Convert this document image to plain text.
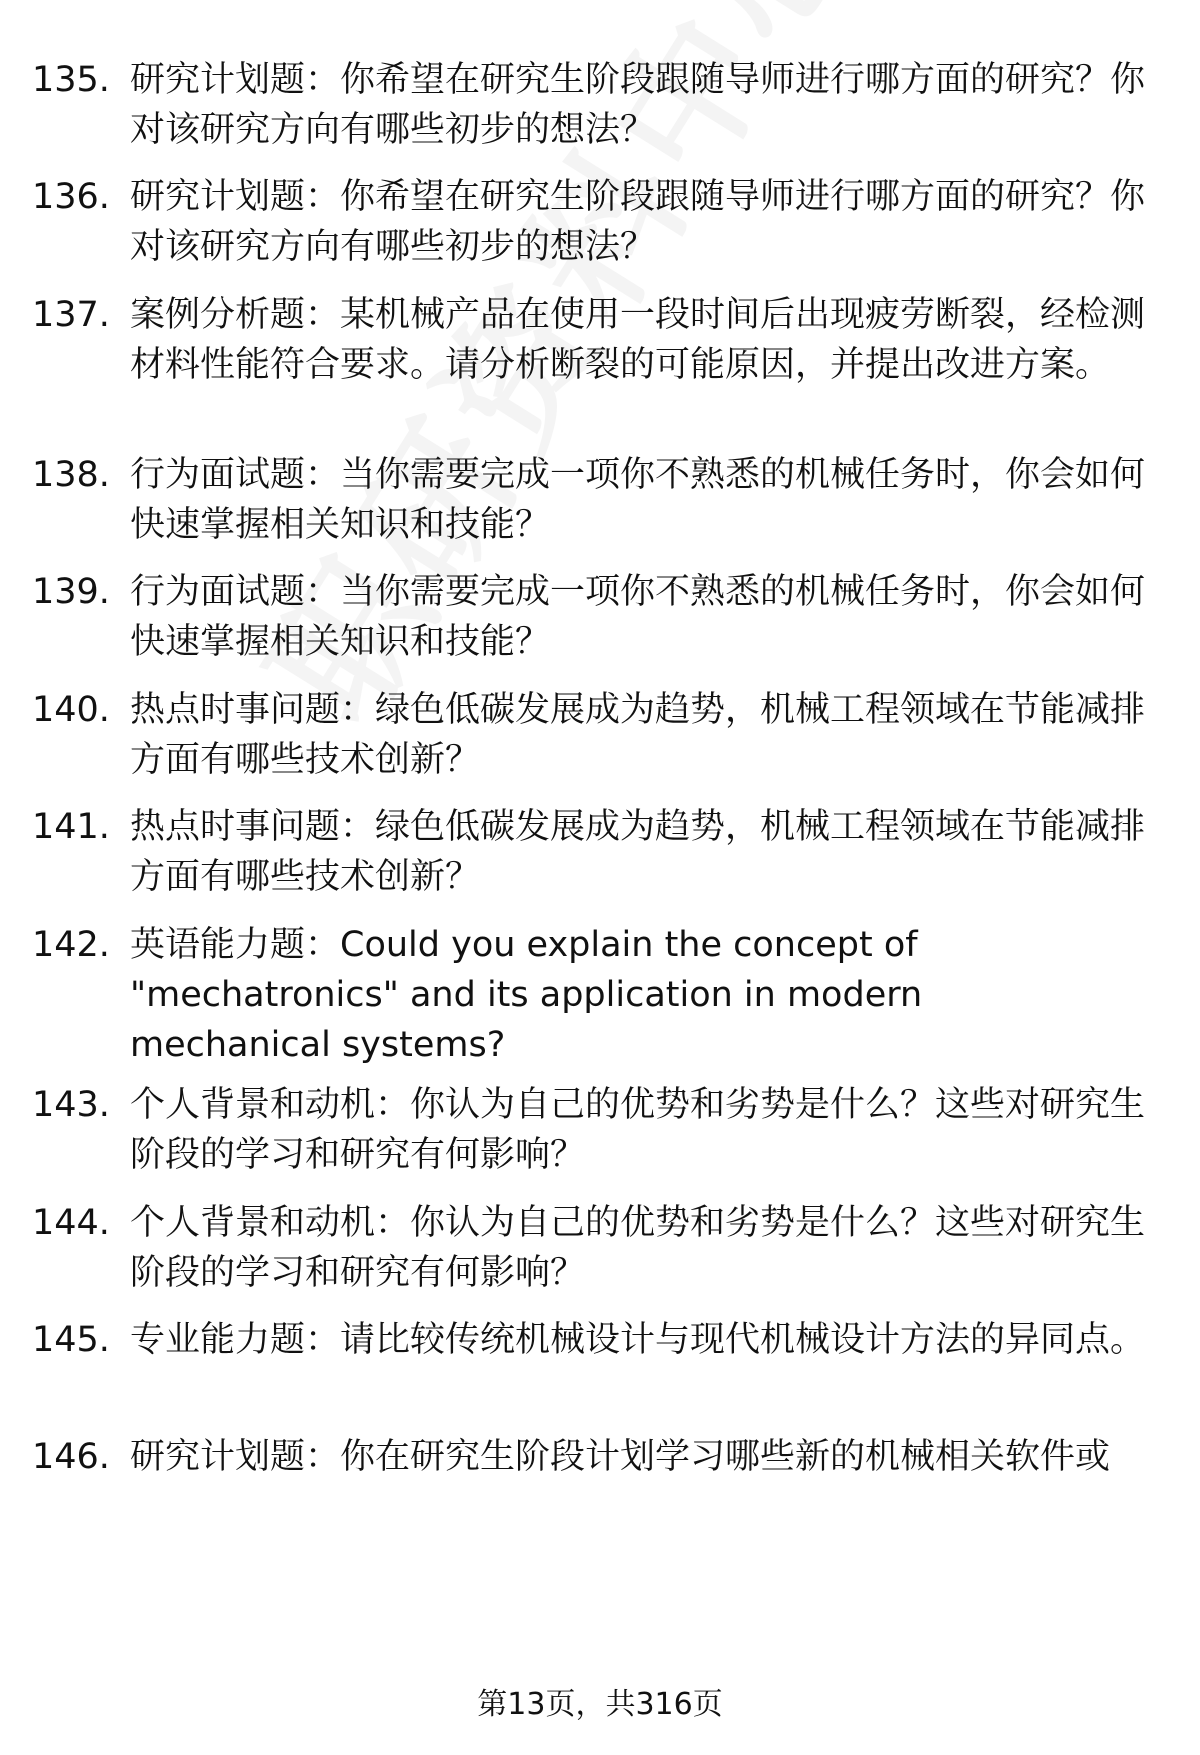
135. 研究计划题：你希望在研究生阶段跟随导师进行哪方面的研究？你对该研究方向有哪些初步的想法？
136. 研究计划题：你希望在研究生阶段跟随导师进行哪方面的研究？你对该研究方向有哪些初步的想法？
137. 案例分析题：某机械产品在使用一段时间后出现疲劳断裂，经检测材料性能符合要求。请分析断裂的可能原因，并提出改进方案。
138. 行为面试题：当你需要完成一项你不熟悉的机械任务时，你会如何快速掌握相关知识和技能？
139. 行为面试题：当你需要完成一项你不熟悉的机械任务时，你会如何快速掌握相关知识和技能？
140. 热点时事问题：绿色低碳发展成为趋势，机械工程领域在节能减排方面有哪些技术创新？
141. 热点时事问题：绿色低碳发展成为趋势，机械工程领域在节能减排方面有哪些技术创新？
142. 英语能力题：Could you explain the concept of "mechatronics" and its application in modern mechanical systems?
143. 个人背景和动机：你认为自己的优势和劣势是什么？这些对研究生阶段的学习和研究有何影响？
144. 个人背景和动机：你认为自己的优势和劣势是什么？这些对研究生阶段的学习和研究有何影响？
145. 专业能力题：请比较传统机械设计与现代机械设计方法的异同点。
146. 研究计划题：你在研究生阶段计划学习哪些新的机械相关软件或
第13页，共316页
